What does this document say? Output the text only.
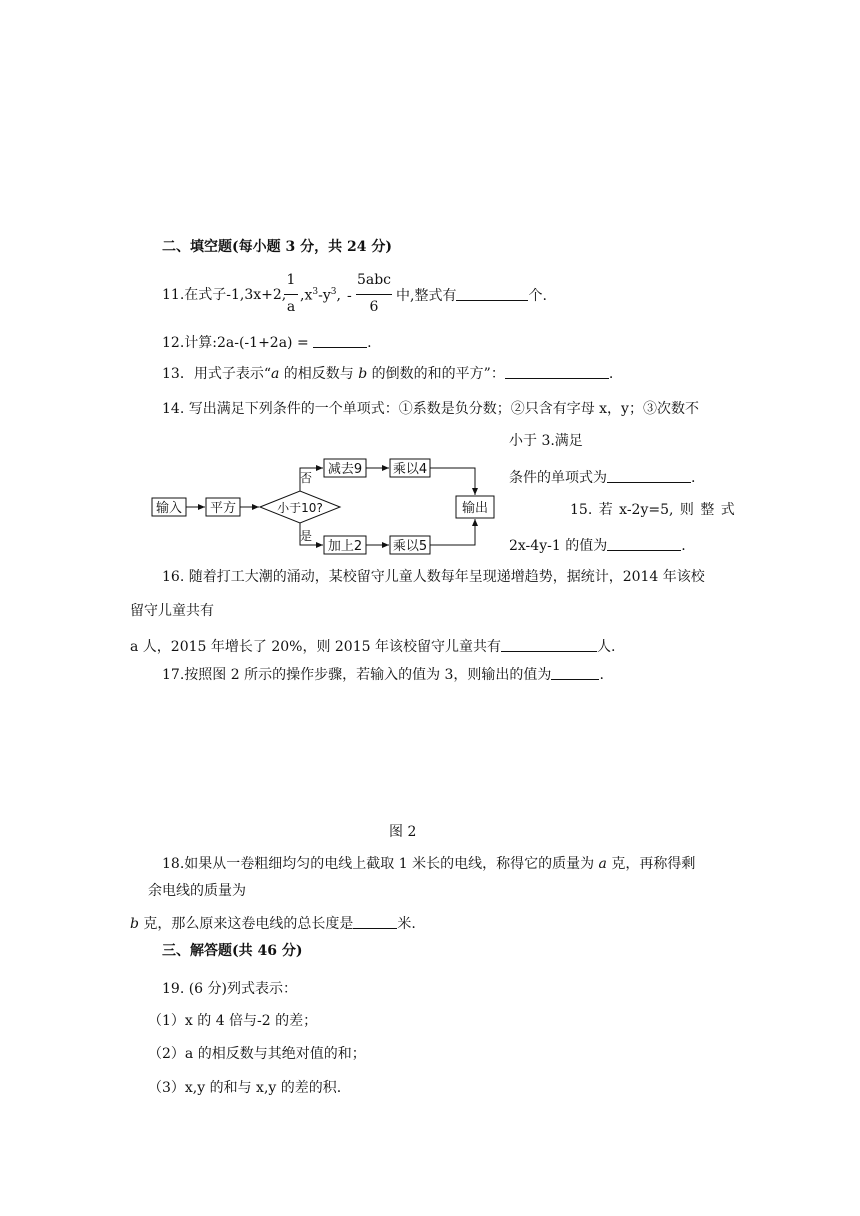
二、填空题(每小题 3 分，共 24 分)
11.在式子-1,3x+2,
1
a
$,x^3-y^3$, -
5abc
6
中,整式有	个.
12.计算:2a-(-1+2a) =	.
13．用式子表示“a 的相反数与 b 的倒数的和的平方”：	.
14. 写出满足下列条件的一个单项式：①系数是负分数；②只含有字母 x，y；③次数不
小于 3.满足
条件的单项式为	.
15. 若 x-2y=5, 则 整 式
2x-4y-1 的值为	.
输入 平方	小于10?
否
是
减去9 乘以4
加上2 乘以5
输出
16. 随着打工大潮的涌动，某校留守儿童人数每年呈现递增趋势，据统计，2014 年该校
留守儿童共有
a 人，2015 年增长了 20%，则 2015 年该校留守儿童共有	人.
17.按照图 2 所示的操作步骤，若输入的值为 3，则输出的值为	.
图 2
18.如果从一卷粗细均匀的电线上截取 1 米长的电线，称得它的质量为 a 克，再称得剩
余电线的质量为
b 克，那么原来这卷电线的总长度是	米.
三、解答题(共 46 分)
19. (6 分)列式表示：
（1）x 的 4 倍与-2 的差；
（2）a 的相反数与其绝对值的和；
（3）x,y 的和与 x,y 的差的积.
